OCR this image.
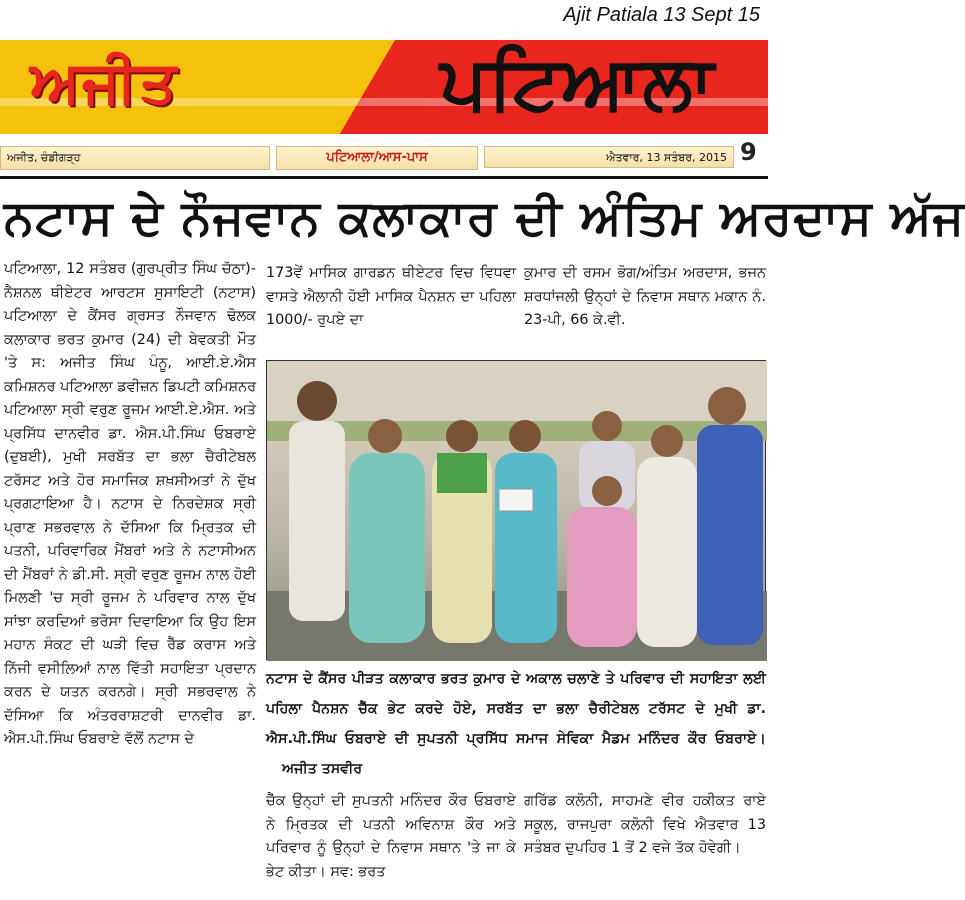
Ajit Patiala 13 Sept 15
ਅਜੀਤ	ਪਟਿਆਲਾ
ਅਜੀਤ, ਚੰਡੀਗੜ੍ਹ	ਪਟਿਆਲਾ/ਆਸ-ਪਾਸ	ਐਤਵਾਰ, 13 ਸਤੰਬਰ, 2015 9
ਨਟਾਸ ਦੇ ਨੌਜਵਾਨ ਕਲਾਕਾਰ ਦੀ ਅੰਤਿਮ ਅਰਦਾਸ ਅੱਜ

ਪਟਿਆਲਾ, 12 ਸਤੰਬਰ (ਗੁਰਪ੍ਰੀਤ ਸਿੰਘ ਚੱਠਾ)-ਨੈਸ਼ਨਲ ਥੀਏਟਰ ਆਰਟਸ ਸੁਸਾਇਟੀ (ਨਟਾਸ) ਪਟਿਆਲਾ ਦੇ ਕੈਂਸਰ ਗ੍ਰਸਤ ਨੌਜਵਾਨ ਢੋਲਕ ਕਲਾਕਾਰ ਭਰਤ ਕੁਮਾਰ (24) ਦੀ ਬੇਵਕਤੀ ਮੌਤ 'ਤੇ ਸ: ਅਜੀਤ ਸਿੰਘ ਪੰਨੂ, ਆਈ.ਏ.ਐਸ ਕਮਿਸ਼ਨਰ ਪਟਿਆਲਾ ਡਵੀਜ਼ਨ ਡਿਪਟੀ ਕਮਿਸ਼ਨਰ ਪਟਿਆਲਾ ਸ੍ਰੀ ਵਰੁਣ ਰੂਜਮ ਆਈ.ਏ.ਐਸ. ਅਤੇ ਪ੍ਰਸਿੱਧ ਦਾਨਵੀਰ ਡਾ. ਐਸ.ਪੀ.ਸਿੰਘ ਓਬਰਾਏ (ਦੁਬਈ), ਮੁਖੀ ਸਰਬੱਤ ਦਾ ਭਲਾ ਚੈਰੀਟੇਬਲ ਟਰੱਸਟ ਅਤੇ ਹੋਰ ਸਮਾਜਿਕ ਸ਼ਖ਼ਸੀਅਤਾਂ ਨੇ ਦੁੱਖ ਪ੍ਰਗਟਾਇਆ ਹੈ। ਨਟਾਸ ਦੇ ਨਿਰਦੇਸ਼ਕ ਸ੍ਰੀ ਪ੍ਰਾਣ ਸਭਰਵਾਲ ਨੇ ਦੱਸਿਆ ਕਿ ਮ੍ਰਿਤਕ ਦੀ ਪਤਨੀ, ਪਰਿਵਾਰਿਕ ਮੈਂਬਰਾਂ ਅਤੇ ਨੇ ਨਟਾਸੀਅਨ ਦੀ ਮੈਂਬਰਾਂ ਨੇ ਡੀ.ਸੀ. ਸ੍ਰੀ ਵਰੁਣ ਰੂਜਮ ਨਾਲ ਹੋਈ ਮਿਲਣੀ 'ਚ ਸ੍ਰੀ ਰੂਜਮ ਨੇ ਪਰਿਵਾਰ ਨਾਲ ਦੁੱਖ ਸਾਂਝਾ ਕਰਦਿਆਂ ਭਰੋਸਾ ਦਿਵਾਇਆ ਕਿ ਉਹ ਇਸ ਮਹਾਨ ਸੰਕਟ ਦੀ ਘੜੀ ਵਿਚ ਰੈੱਡ ਕਰਾਸ ਅਤੇ ਨਿੱਜੀ ਵਸੀਲਿਆਂ ਨਾਲ ਵਿੱਤੀ ਸਹਾਇਤਾ ਪ੍ਰਦਾਨ ਕਰਨ ਦੇ ਯਤਨ ਕਰਨਗੇ। ਸ੍ਰੀ ਸਭਰਵਾਲ ਨੇ ਦੱਸਿਆ ਕਿ ਅੰਤਰਰਾਸ਼ਟਰੀ ਦਾਨਵੀਰ ਡਾ. ਐਸ.ਪੀ.ਸਿੰਘ ਓਬਰਾਏ ਵੱਲੋਂ ਨਟਾਸ ਦੇ

173ਵੇਂ ਮਾਸਿਕ ਗਾਰਡਨ ਥੀਏਟਰ ਵਿਚ ਵਿਧਵਾ ਵਾਸਤੇ ਐਲਾਨੀ ਹੋਈ ਮਾਸਿਕ ਪੈਨਸ਼ਨ ਦਾ ਪਹਿਲਾ 1000/- ਰੁਪਏ ਦਾ

ਕੁਮਾਰ ਦੀ ਰਸਮ ਭੋਗ/ਅੰਤਿਮ ਅਰਦਾਸ, ਭਜਨ ਸ਼ਰਧਾਂਜਲੀ ਉਨ੍ਹਾਂ ਦੇ ਨਿਵਾਸ ਸਥਾਨ ਮਕਾਨ ਨੰ. 23-ਪੀ, 66 ਕੇ.ਵੀ.

ਨਟਾਸ ਦੇ ਕੈਂਸਰ ਪੀੜਤ ਕਲਾਕਾਰ ਭਰਤ ਕੁਮਾਰ ਦੇ ਅਕਾਲ ਚਲਾਣੇ ਤੇ ਪਰਿਵਾਰ ਦੀ ਸਹਾਇਤਾ ਲਈ ਪਹਿਲਾ ਪੈਨਸ਼ਨ ਚੈੱਕ ਭੇਟ ਕਰਦੇ ਹੋਏ, ਸਰਬੱਤ ਦਾ ਭਲਾ ਚੈਰੀਟੇਬਲ ਟਰੱਸਟ ਦੇ ਮੁਖੀ ਡਾ. ਐਸ.ਪੀ.ਸਿੰਘ ਓਬਰਾਏ ਦੀ ਸੁਪਤਨੀ ਪ੍ਰਸਿੱਧ ਸਮਾਜ ਸੇਵਿਕਾ ਮੈਡਮ ਮਨਿੰਦਰ ਕੌਰ ਓਬਰਾਏ।ਅਜੀਤ ਤਸਵੀਰ

ਚੈੱਕ ਉਨ੍ਹਾਂ ਦੀ ਸੁਪਤਨੀ ਮਨਿੰਦਰ ਕੌਰ ਓਬਰਾਏ ਨੇ ਮ੍ਰਿਤਕ ਦੀ ਪਤਨੀ ਅਵਿਨਾਸ਼ ਕੌਰ ਅਤੇ ਪਰਿਵਾਰ ਨੂੰ ਉਨ੍ਹਾਂ ਦੇ ਨਿਵਾਸ ਸਥਾਨ 'ਤੇ ਜਾ ਕੇ ਭੇਟ ਕੀਤਾ। ਸਵ: ਭਰਤ

ਗਰਿੱਡ ਕਲੋਨੀ, ਸਾਹਮਣੇ ਵੀਰ ਹਕੀਕਤ ਰਾਏ ਸਕੂਲ, ਰਾਜਪੁਰਾ ਕਲੋਨੀ ਵਿਖੇ ਐਤਵਾਰ 13 ਸਤੰਬਰ ਦੁਪਹਿਰ 1 ਤੋਂ 2 ਵਜੇ ਤੱਕ ਹੋਵੇਗੀ।
